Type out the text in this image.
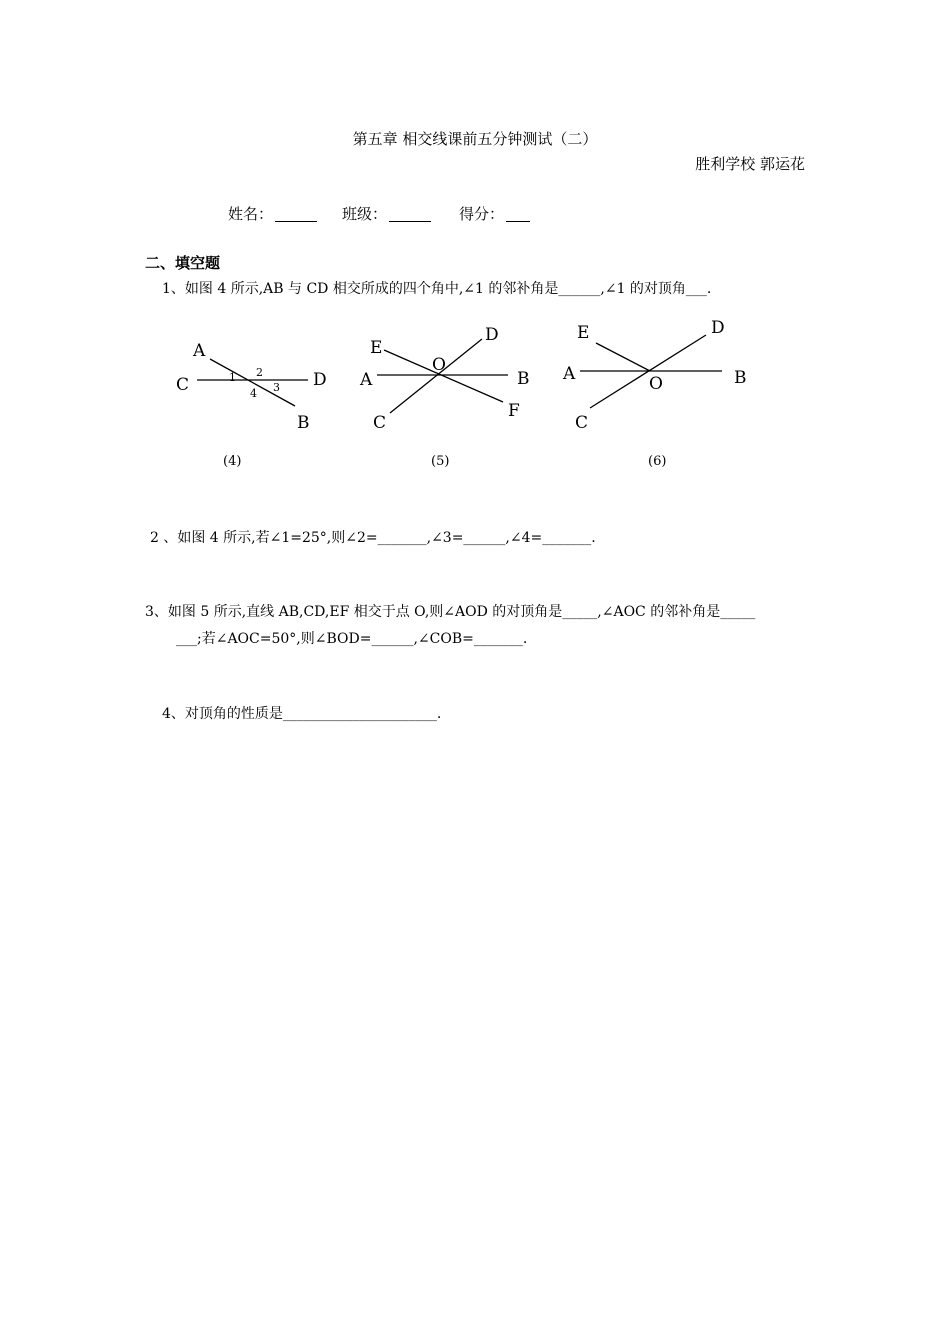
第五章 相交线课前五分钟测试（二）
胜利学校 郭运花
姓名：	班级：	得分：
二、填空题
1、如图 4 所示,AB 与 CD 相交所成的四个角中,∠1 的邻补角是______,∠1 的对顶角___.
A
C	D
B
1 2
3
4
(4)
E
D
O
A	B
C
F
(5)
E	D
A	O	B
C
(6)
2 、如图 4 所示,若∠1=25°,则∠2=_______,∠3=______,∠4=_______.
3、如图 5 所示,直线 AB,CD,EF 相交于点 O,则∠AOD 的对顶角是_____,∠AOC 的邻补角是_____
___;若∠AOC=50°,则∠BOD=______,∠COB=_______.
4、对顶角的性质是______________________.
